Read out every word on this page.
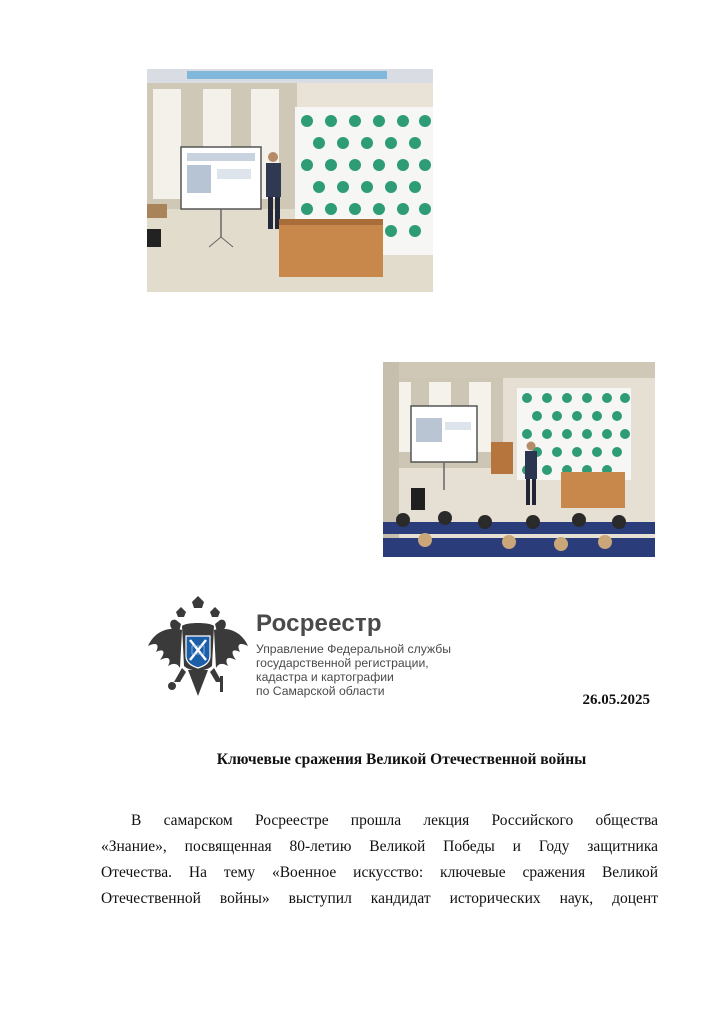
Росреестр
Управление Федеральной службы
государственной регистрации,
кадастра и картографии
по Самарской области
26.05.2025
Ключевые сражения Великой Отечественной войны
В самарском Росреестре прошла лекция Российского общества
«Знание», посвященная 80-летию Великой Победы и Году защитника
Отечества. На тему «Военное искусство: ключевые сражения Великой
Отечественной войны» выступил кандидат исторических наук, доцент
